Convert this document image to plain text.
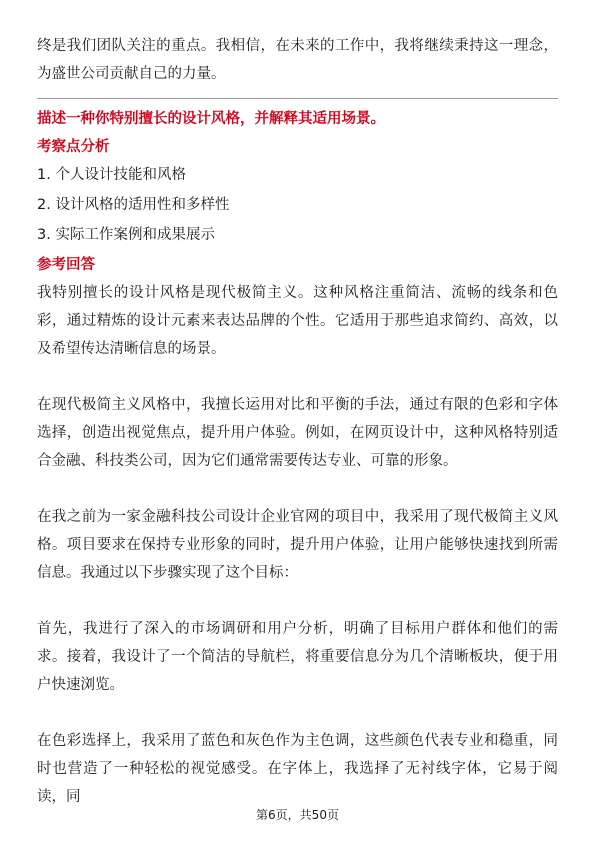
终是我们团队关注的重点。我相信，在未来的工作中，我将继续秉持这一理念，为盛世公司贡献自己的力量。

描述一种你特别擅长的设计风格，并解释其适用场景。

考察点分析

1. 个人设计技能和风格
2. 设计风格的适用性和多样性
3. 实际工作案例和成果展示

参考回答

我特别擅长的设计风格是现代极简主义。这种风格注重简洁、流畅的线条和色彩，通过精炼的设计元素来表达品牌的个性。它适用于那些追求简约、高效，以及希望传达清晰信息的场景。

在现代极简主义风格中，我擅长运用对比和平衡的手法，通过有限的色彩和字体选择，创造出视觉焦点，提升用户体验。例如，在网页设计中，这种风格特别适合金融、科技类公司，因为它们通常需要传达专业、可靠的形象。

在我之前为一家金融科技公司设计企业官网的项目中，我采用了现代极简主义风格。项目要求在保持专业形象的同时，提升用户体验，让用户能够快速找到所需信息。我通过以下步骤实现了这个目标：

首先，我进行了深入的市场调研和用户分析，明确了目标用户群体和他们的需求。接着，我设计了一个简洁的导航栏，将重要信息分为几个清晰板块，便于用户快速浏览。

在色彩选择上，我采用了蓝色和灰色作为主色调，这些颜色代表专业和稳重，同时也营造了一种轻松的视觉感受。在字体上，我选择了无衬线字体，它易于阅读，同

第6页，共50页
